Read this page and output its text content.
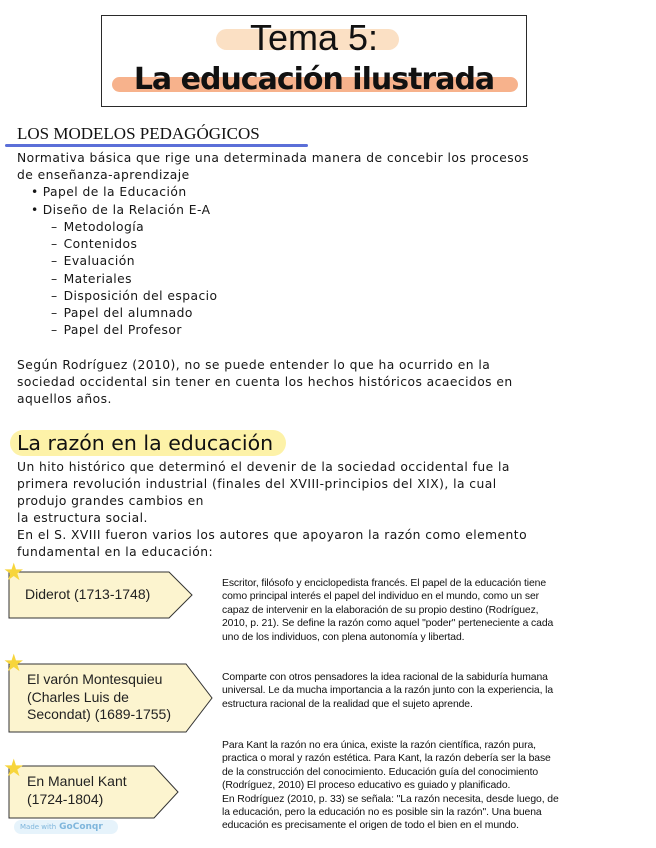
Tema 5:
La educación ilustrada
LOS MODELOS PEDAGÓGICOS
Normativa básica que rige una determinada manera de concebir los procesos
de enseñanza-aprendizaje
• Papel de la Educación
• Diseño de la Relación E-A
– Metodología
– Contenidos
– Evaluación
– Materiales
– Disposición del espacio
– Papel del alumnado
– Papel del Profesor
Según Rodríguez (2010), no se puede entender lo que ha ocurrido en la
sociedad occidental sin tener en cuenta los hechos históricos acaecidos en
aquellos años.
La razón en la educación
Un hito histórico que determinó el devenir de la sociedad occidental fue la
primera revolución industrial (finales del XVIII-principios del XIX), la cual
produjo grandes cambios en
la estructura social.
En el S. XVIII fueron varios los autores que apoyaron la razón como elemento
fundamental en la educación:
Diderot (1713-1748)
★	Escritor, filósofo y enciclopedista francés. El papel de la educación tiene
como principal interés el papel del individuo en el mundo, como un ser
capaz de intervenir en la elaboración de su propio destino (Rodríguez,
2010, p. 21). Se define la razón como aquel "poder" perteneciente a cada
uno de los individuos, con plena autonomía y libertad.
El varón Montesquieu
(Charles Luis de
Secondat) (1689-1755)
★
Comparte con otros pensadores la idea racional de la sabiduría humana
universal. Le da mucha importancia a la razón junto con la experiencia, la
estructura racional de la realidad que el sujeto aprende.
En Manuel Kant
(1724-1804)
★
Para Kant la razón no era única, existe la razón científica, razón pura,
practica o moral y razón estética. Para Kant, la razón debería ser la base
de la construcción del conocimiento. Educación guía del conocimiento
(Rodríguez, 2010) El proceso educativo es guiado y planificado.
En Rodríguez (2010, p. 33) se señala: "La razón necesita, desde luego, de
la educación, pero la educación no es posible sin la razón". Una buena
educación es precisamente el origen de todo el bien en el mundo.
Made with GoConqr
